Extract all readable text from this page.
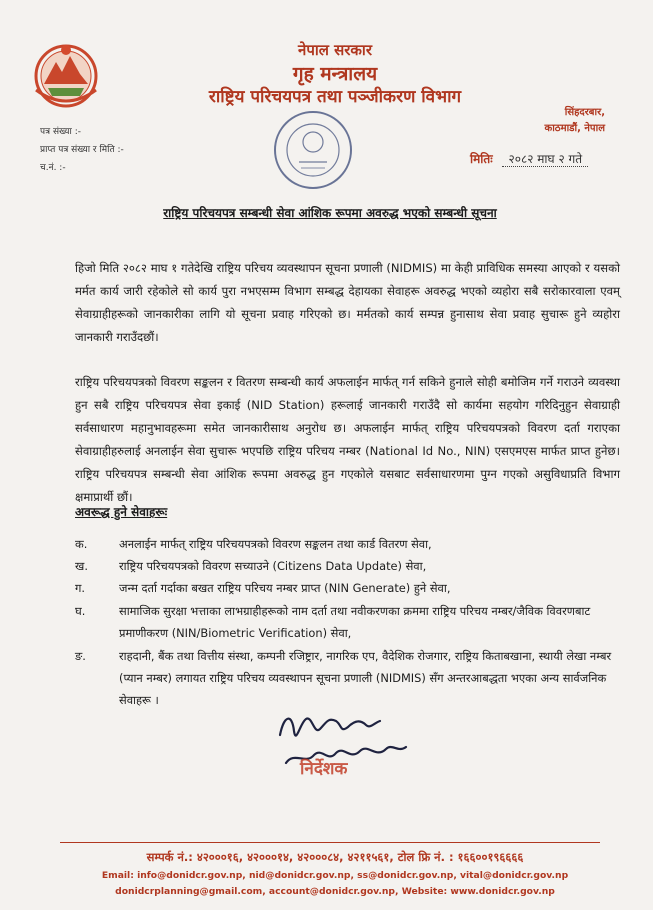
नेपाल सरकार
गृह मन्त्रालय
राष्ट्रिय परिचयपत्र तथा पञ्जीकरण विभाग
पत्र संख्या :-
प्राप्त पत्र संख्या र मिति :-
च.नं. :-
सिंहदरबार,
काठमाडौं, नेपाल
मितिः २०८२ माघ २ गते
राष्ट्रिय परिचयपत्र सम्बन्धी सेवा आंशिक रूपमा अवरुद्ध भएको सम्बन्धी सूचना
हिजो मिति २०८२ माघ १ गतेदेखि राष्ट्रिय परिचय व्यवस्थापन सूचना प्रणाली (NIDMIS) मा केही प्राविधिक समस्या आएको र यसको मर्मत कार्य जारी रहेकोले सो कार्य पुरा नभएसम्म विभाग सम्बद्ध देहायका सेवाहरू अवरुद्ध भएको व्यहोरा सबै सरोकारवाला एवम् सेवाग्राहीहरूको जानकारीका लागि यो सूचना प्रवाह गरिएको छ। मर्मतको कार्य सम्पन्न हुनासाथ सेवा प्रवाह सुचारू हुने व्यहोरा जानकारी गराउँदछौं।
राष्ट्रिय परिचयपत्रको विवरण सङ्कलन र वितरण सम्बन्धी कार्य अफलाईन मार्फत् गर्न सकिने हुनाले सोही बमोजिम गर्ने गराउने व्यवस्था हुन सबै राष्ट्रिय परिचयपत्र सेवा इकाई (NID Station) हरूलाई जानकारी गराउँदै सो कार्यमा सहयोग गरिदिनुहुन सेवाग्राही सर्वसाधारण महानुभावहरूमा समेत जानकारीसाथ अनुरोध छ। अफलाईन मार्फत् राष्ट्रिय परिचयपत्रको विवरण दर्ता गराएका सेवाग्राहीहरुलाई अनलाईन सेवा सुचारू भएपछि राष्ट्रिय परिचय नम्बर (National Id No., NIN) एसएमएस मार्फत प्राप्त हुनेछ। राष्ट्रिय परिचयपत्र सम्बन्धी सेवा आंशिक रूपमा अवरुद्ध हुन गएकोले यसबाट सर्वसाधारणमा पुग्न गएको असुविधाप्रति विभाग क्षमाप्रार्थी छौं।
अवरूद्ध हुने सेवाहरूः
क.	अनलाईन मार्फत् राष्ट्रिय परिचयपत्रको विवरण सङ्कलन तथा कार्ड वितरण सेवा,
ख.	राष्ट्रिय परिचयपत्रको विवरण सच्याउने (Citizens Data Update) सेवा,
ग.	जन्म दर्ता गर्दाका बखत राष्ट्रिय परिचय नम्बर प्राप्त (NIN Generate) हुने सेवा,
घ.	सामाजिक सुरक्षा भत्ताका लाभग्राहीहरूको नाम दर्ता तथा नवीकरणका क्रममा राष्ट्रिय परिचय नम्बर/जैविक विवरणबाट प्रमाणीकरण (NIN/Biometric Verification) सेवा,
ङ.	राहदानी, बैंक तथा वित्तीय संस्था, कम्पनी रजिष्ट्रार, नागरिक एप, वैदेशिक रोजगार, राष्ट्रिय किताबखाना, स्थायी लेखा नम्बर (प्यान नम्बर) लगायत राष्ट्रिय परिचय व्यवस्थापन सूचना प्रणाली (NIDMIS) सँग अन्तरआबद्धता भएका अन्य सार्वजनिक सेवाहरू ।
निर्देशक
सम्पर्क नं.: ४२०००१६, ४२०००१४, ४२०००८४, ४२११५६१, टोल फ्रि नं. : १६६००१९६६६६
Email: info@donidcr.gov.np, nid@donidcr.gov.np, ss@donidcr.gov.np, vital@donidcr.gov.np
donidcrplanning@gmail.com, account@donidcr.gov.np, Website: www.donidcr.gov.np
